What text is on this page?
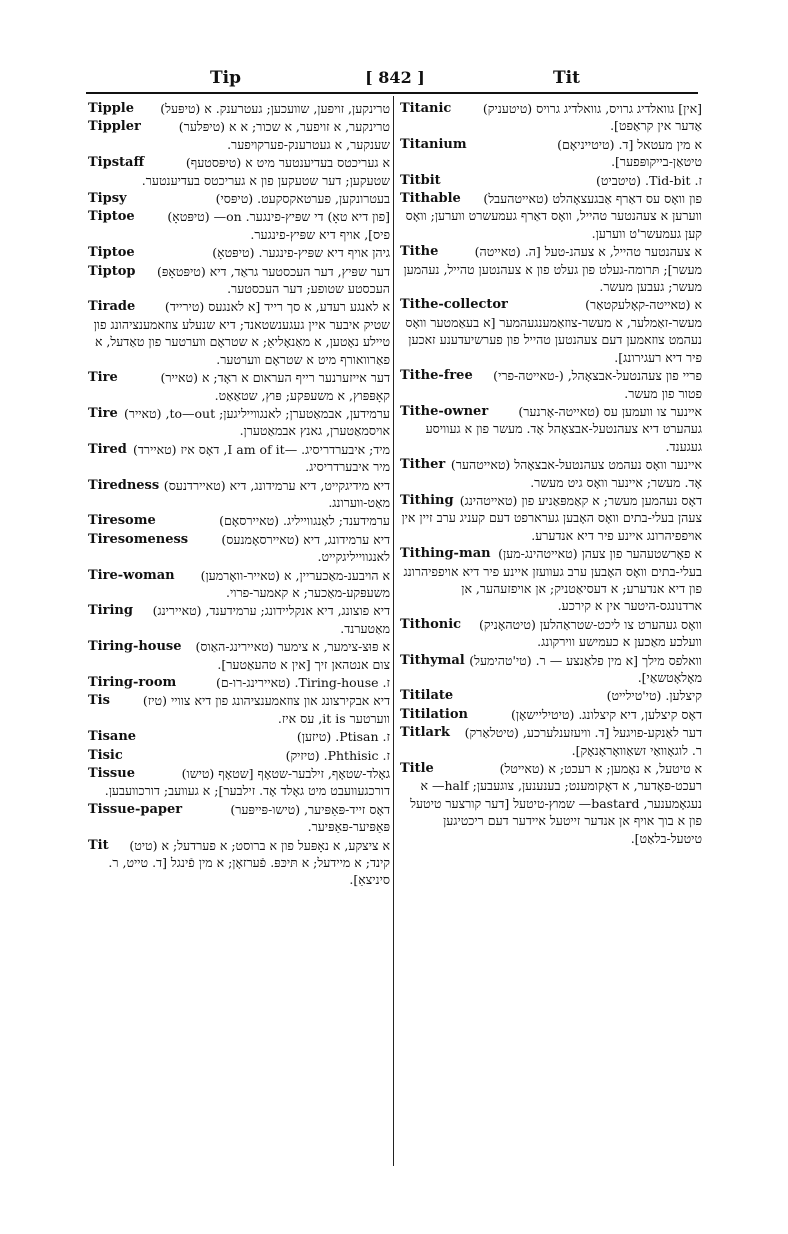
Tip	[ 842 ]	Tit
Tipple (טיפּעל) א טרינקען, זויפען, שוועכען; געטרענק.
Tippler	(טיפּלער) א טרינקער, א זויפער, א שכור; א שענקער, א געטרענק-פערקויפער.
Tipstaff	(טיפּסטעף) א געריכטס בעדיענטער מיט א שטעקען; דער שטעקען פון א געריכטס בעדיענטער.
Tipsy	(טיפּסי) בעטרונקען, פערטאקסקעט.
Tiptoe	(טיפּטאָ) [פון דיא טאָ) די שפּיץ-פינגער. on— פיס], אויף דיא שפּיץ-פינגער.
Tiptoe	(טיפּטאָ) גיהן אויף דיא שפּיץ-פינגער.
Tiptop (טיפּטאָפּ) דער שפּיץ, דער העכסטער גראַד, דיא העכסטע שטופע; דער העכסטער.
Tirade (טירייד) א לאנגע רעדע, א סך רייד [א לאנגעס שטיק איבער איין געגענשטאנד; דיא שנעלע צוזאמענציהונג פון טיילע נאָטען, א מאַנאָליאַ; א שטראָם ווערטער פון טאַדעל, א פאַרוואורף מיט א שטראָם ווערטער.
Tire	(טאייר) דער אייזערנער רייף העראום א ראָד; א קאָפּפּוץ, א משעפּקע; פּוץ, שטאַאַט.
Tire (טאייר) ערמידען, אבמאַטערן; לאנגווייליגען; to—out, אויסמאַטערן, גאנץ אבמאַטערן.
Tired (טאיירד) מיד; איבערדריסיג. —I am of it, דאָס איז מיר איבערדריסיג.
Tiredness (טאיירדנעס) דיא מידיגקייט, דיא ערמידונג, דיא מאַט-ווערונג.
Tiresome	(טאיירסאָם) ערמידענד; לאַנגווייליג.
Tiresomeness	(טאיירסאָמנעס) דיא ערמידונג, דיא לאנגווייליגקייט.
Tire-woman (טאייר-וואָרמען) א הויבענ-מאַכעריין, א משעפּקע-מאַכער; א קאמער-פרוי.
Tiring (טאיירינג) דיא פוצונג, דיא אנקליידונג; ערמידענד, מאַטערנד.
Tiring-house (טאיירינג-האַוס) א פּוּצ-צימער, א צימער צום אנטהאן זיך [אין א טהעאַטער].
Tiring-room	(טאיירינג-רו-ם) .Tiring-house .ז
Tis	(טיז) דיא אבקירצונג און צוזאמענציהונג פון דיא צוויי ווערטער it is, עס איז.
Tisane	(טיזען) .Ptisan .ז
Tisic	(טיזיק) .Phthisic .ז
Tissue	(טישו) גאָלד-שטאָף, זילבער-שטאָף [שטאָף דורכגעוועבט מיט גאָלד אָד. זילבער]; א געוועב; דורכוועבען.
Tissue-paper	(טישו-פּייפּער) דאָס זייד-פּאַפּיער, פּאַפּיער-פּאַפּיער.
Tit (טיט) א ציצקע, א נאָפּעל פון א ברוסט; א פערדעל; א קינד; א מיידעל; א תּיכּפּ. פֿערזאָן; א מין פֿינגל [ד. טייט, ר. סיניצאַ].
Titanic	(טיטעניק) [אין] גוואלדיג גרויס, גוואלדיג גרויס אַדער אין קראַפט].
Titanium	(טיטייניאָם) א מין מעטאל [ד. טיטאַן-בייקופּפער].
Titbit	(טיטביט) .Tid-bit .ז
Tithable (טאייטהעבל) פון וואָס עס דאַרף אַבגעצאָהלט ווערען א צעהנטער טהייל, וואָס דאַרף געמעשרט ווערען; וואָס קען געמעשר'ט ווערען.
Tithe	(טאייטה) א צעהנטער טהייל, א צעהנ-טעל [ה. מעשר]; תּרומה-געלט פון געלט פון א צעהנטען טהייל, נעהמען מעשר; געבען מעשר.
Tithe-collector	(טאייטה-קאָלעקטאַר) א מעשר-זאַמלער, א מעשר-צוזאַמענגעהמער [א בעאַמטער וואָס נעהמט צוזאמען דעם צעהנטען טהייל פון פערשיעדענע זאכען פיר דיא רעגירונג].
Tithe-free (טאייטה-פרי-) פריי פון צעהנטעל-אבצאָהל, פטור פון מעשר.
Tithe-owner (טאייטה-אָרנער) איינער צו וועמען עס געהערט דיא צעהנטעל-אבצאָהל אָד. מעשר פון א געוויסע געגענד.
Tither (טאייטהער) איינער וואָס נעהמט צעהנטעל-אבצאָהל אָד. מעשר; איינער וואָס גיט מעשר.
Tithing (טאייטהינג) דאָס נעהמען מעשר; א קאַמפּאַניע פון צעהן בעלי-בתים וואָס האָבען גערארפט דעם קעניג ערב זיין אין אויפפיהרונג איינע פיר דיא אנדערע.
Tithing-man (טאייטהינג-מען) א פאָרשטעהער פון צעהן בעלי-בתים וואָס האָבען ערב געוועזן איינע פיר דיא אויפפיהרונג פון דיא אנדערע; א דעסיאַטניק; אן אויפזעהער, אן ארדנונגס-היטער אין א קירכע.
Tithonic (טיטהאָניק) וואָס געהערט צו ליכט-שטראַהלען וועלכע מאַכען א כעמישע ווירקונג.
Tithymal (טי'טהימעל) וואלפס מילך [א מין פלאַנצע — ר. מאָלאָטשאַי].
Titilate	(טי'טילייט) קיצלען.
Titilation	(טיטיליישאָן) דאָס קיצלען, דיא קיצלונג.
Titlark (טיטלאַרק) דער לאַנקע-פויגעל [ד. וויעזענלערכע, ר. לוגאָוואַי זשאַוואָראָנאָק].
Title	(טאייטל) א טיטעל, א נאָמען; א רעכט; א רעכט-פאָדער, א דאָקומענט; בענענען, צוגעבען; half— א נעגאָמענער, bastard— שמוץ-טיטעל [דער קורצער טיטעל פון א בוך אויף אן אנדער זייטעל איידער דעם ריכטיגען טיטעל-בלאַט].
